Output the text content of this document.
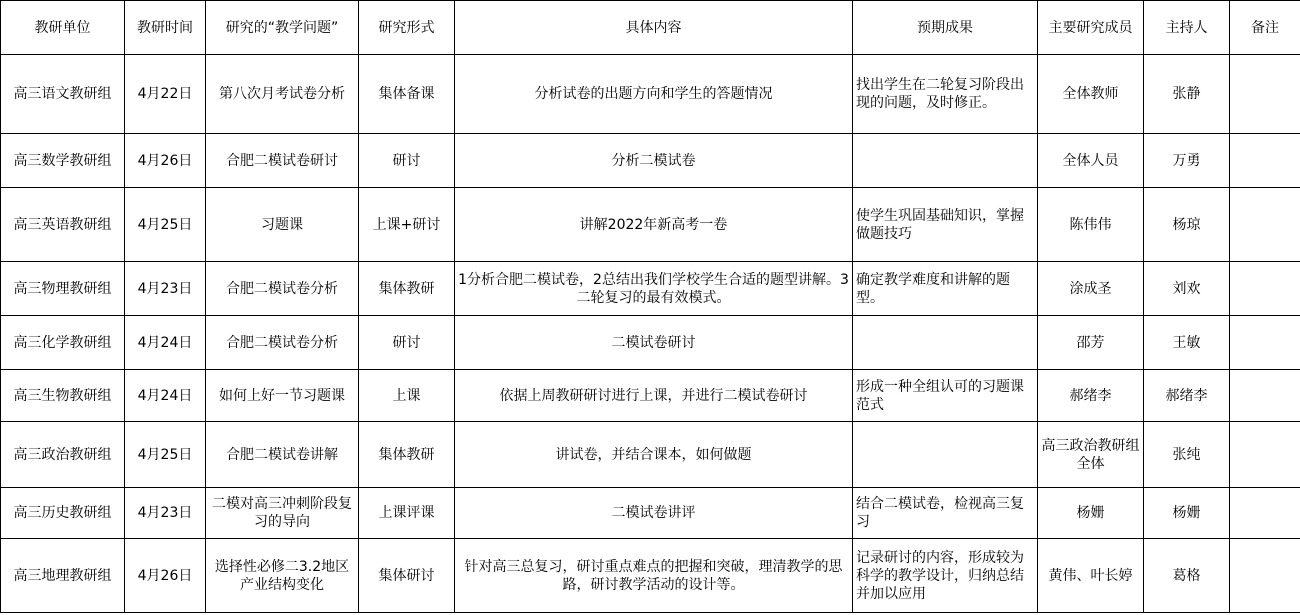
教研单位	教研时间	研究的“教学问题”	研究形式	具体内容	预期成果	主要研究成员	主持人	备注
高三语文教研组	4月22日	第八次月考试卷分析	集体备课	分析试卷的出题方向和学生的答题情况	找出学生在二轮复习阶段出现的问题，及时修正。	全体教师	张静	
高三数学教研组	4月26日	合肥二模试卷研讨	研讨	分析二模试卷		全体人员	万勇	
高三英语教研组	4月25日	习题课	上课+研讨	讲解2022年新高考一卷	使学生巩固基础知识，掌握做题技巧	陈伟伟	杨琼	
高三物理教研组	4月23日	合肥二模试卷分析	集体教研	1分析合肥二模试卷，2总结出我们学校学生合适的题型讲解。3二轮复习的最有效模式。	确定教学难度和讲解的题型。	涂成圣	刘欢	
高三化学教研组	4月24日	合肥二模试卷分析	研讨	二模试卷研讨		邵芳	王敏	
高三生物教研组	4月24日	如何上好一节习题课	上课	依据上周教研研讨进行上课，并进行二模试卷研讨	形成一种全组认可的习题课范式	郝绪李	郝绪李	
高三政治教研组	4月25日	合肥二模试卷讲解	集体教研	讲试卷，并结合课本，如何做题		高三政治教研组全体	张纯	
高三历史教研组	4月23日	二模对高三冲刺阶段复习的导向	上课评课	二模试卷讲评	结合二模试卷，检视高三复习	杨姗	杨姗	
高三地理教研组	4月26日	选择性必修二3.2地区产业结构变化	集体研讨	针对高三总复习，研讨重点难点的把握和突破，理清教学的思路，研讨教学活动的设计等。	记录研讨的内容，形成较为科学的教学设计，归纳总结并加以应用	黄伟、叶长婷	葛格	
